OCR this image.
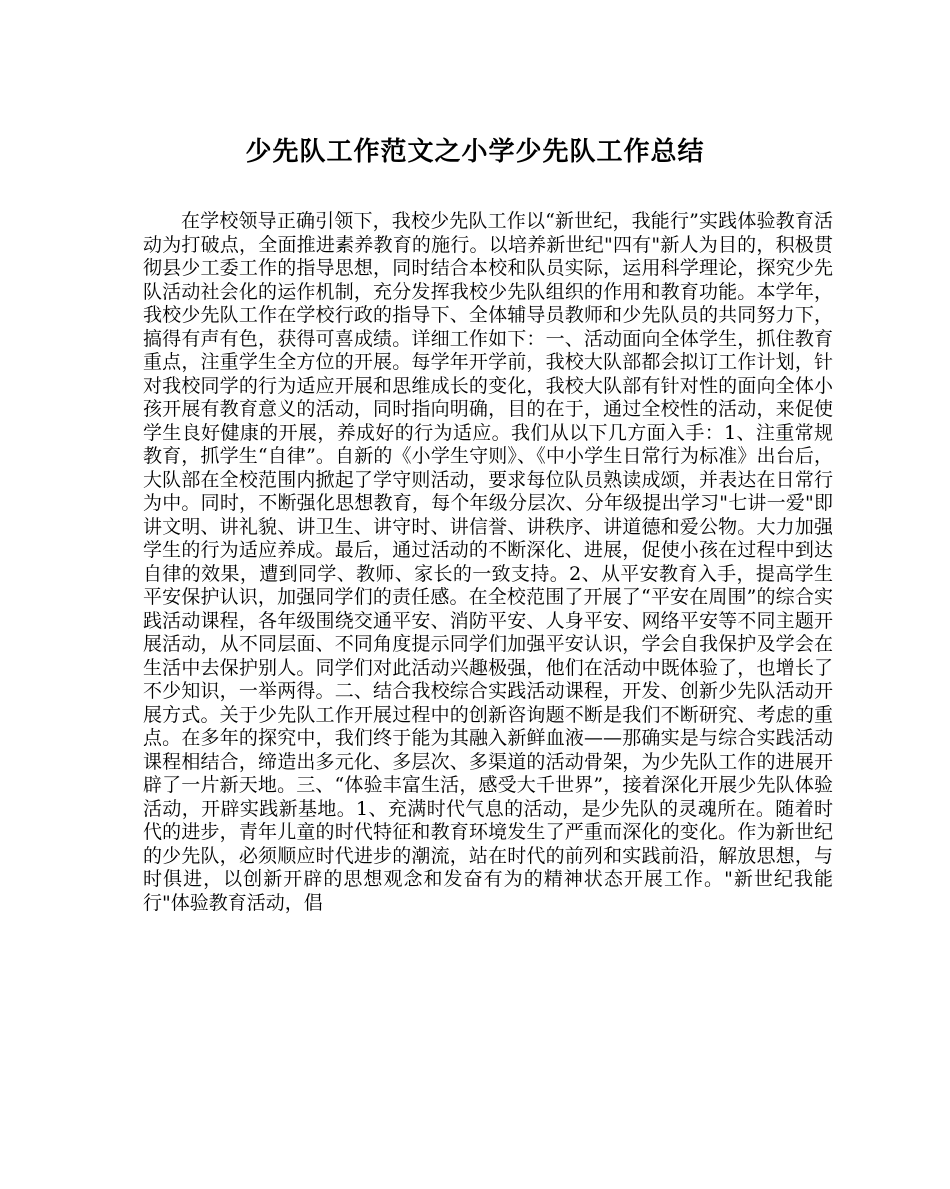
少先队工作范文之小学少先队工作总结

在学校领导正确引领下，我校少先队工作以“新世纪，我能行”实践体验教育活动为打破点，全面推进素养教育的施行。以培养新世纪"四有"新人为目的，积极贯彻县少工委工作的指导思想，同时结合本校和队员实际，运用科学理论，探究少先队活动社会化的运作机制，充分发挥我校少先队组织的作用和教育功能。本学年，我校少先队工作在学校行政的指导下、全体辅导员教师和少先队员的共同努力下，搞得有声有色，获得可喜成绩。详细工作如下：一、活动面向全体学生，抓住教育重点，注重学生全方位的开展。每学年开学前，我校大队部都会拟订工作计划，针对我校同学的行为适应开展和思维成长的变化，我校大队部有针对性的面向全体小孩开展有教育意义的活动，同时指向明确，目的在于，通过全校性的活动，来促使学生良好健康的开展，养成好的行为适应。我们从以下几方面入手：1、注重常规教育，抓学生“自律”。自新的《小学生守则》、《中小学生日常行为标准》出台后，大队部在全校范围内掀起了学守则活动，要求每位队员熟读成颂，并表达在日常行为中。同时，不断强化思想教育，每个年级分层次、分年级提出学习"七讲一爱"即讲文明、讲礼貌、讲卫生、讲守时、讲信誉、讲秩序、讲道德和爱公物。大力加强学生的行为适应养成。最后，通过活动的不断深化、进展，促使小孩在过程中到达自律的效果，遭到同学、教师、家长的一致支持。2、从平安教育入手，提高学生平安保护认识，加强同学们的责任感。在全校范围了开展了“平安在周围”的综合实践活动课程，各年级围绕交通平安、消防平安、人身平安、网络平安等不同主题开展活动，从不同层面、不同角度提示同学们加强平安认识，学会自我保护及学会在生活中去保护别人。同学们对此活动兴趣极强，他们在活动中既体验了，也增长了不少知识，一举两得。二、结合我校综合实践活动课程，开发、创新少先队活动开展方式。关于少先队工作开展过程中的创新咨询题不断是我们不断研究、考虑的重点。在多年的探究中，我们终于能为其融入新鲜血液——那确实是与综合实践活动课程相结合，缔造出多元化、多层次、多渠道的活动骨架，为少先队工作的进展开辟了一片新天地。三、“体验丰富生活，感受大千世界”，接着深化开展少先队体验活动，开辟实践新基地。1、充满时代气息的活动，是少先队的灵魂所在。随着时代的进步，青年儿童的时代特征和教育环境发生了严重而深化的变化。作为新世纪的少先队，必须顺应时代进步的潮流，站在时代的前列和实践前沿，解放思想，与时俱进，以创新开辟的思想观念和发奋有为的精神状态开展工作。"新世纪我能行"体验教育活动，倡
